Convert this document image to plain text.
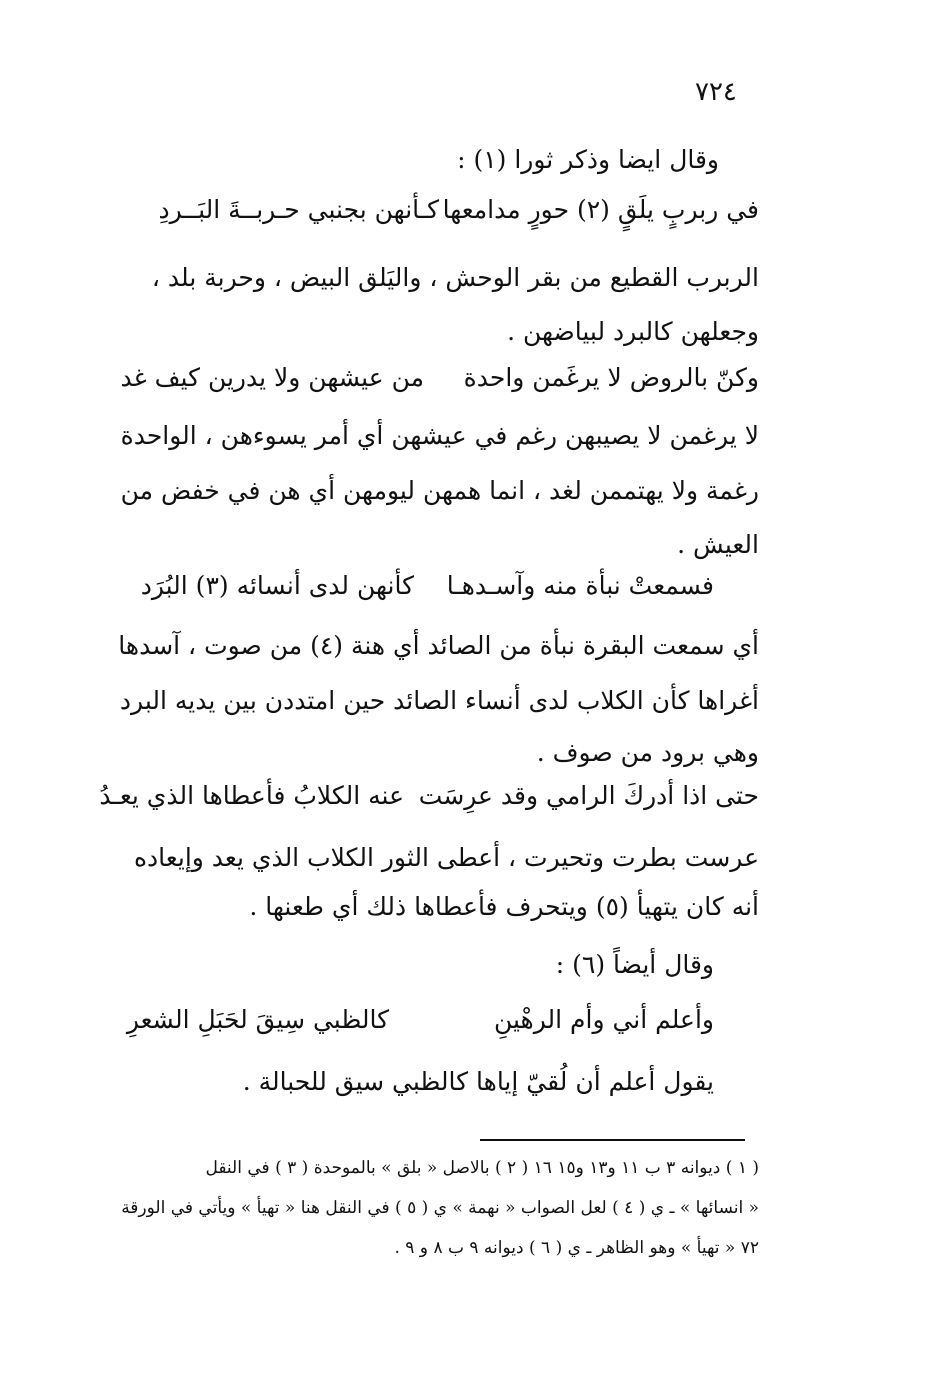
٧٢٤
وقال ايضا وذكر ثورا (١) :
في ربربٍ يلَقٍ (٢) حورٍ مدامعها
كـأنهن بجنبي حـربــةَ البَــردِ
الربرب القطيع من بقر الوحش ، واليَلق البيض ، وحربة بلد ،
وجعلهن كالبرد لبياضهن .
وكنّ بالروض لا يرغَمن واحدة
من عيشهن ولا يدرين كيف غد
لا يرغمن لا يصيبهن رغم في عيشهن أي أمر يسوءهن ، الواحدة
رغمة ولا يهتممن لغد ، انما همهن ليومهن أي هن في خفض من
العيش .
فسمعتْ نبأة منه وآسـدهـا
كأنهن لدى أنسائه (٣) البُرَد
أي سمعت البقرة نبأة من الصائد أي هنة (٤) من صوت ، آسدها
أغراها كأن الكلاب لدى أنساء الصائد حين امتددن بين يديه البرد
وهي برود من صوف .
حتى اذا أدركَ الرامي وقد عرِسَت
عنه الكلابُ فأعطاها الذي يعـدُ
عرست بطرت وتحيرت ، أعطى الثور الكلاب الذي يعد وإيعاده
أنه كان يتهيأ (٥) ويتحرف فأعطاها ذلك أي طعنها .
وقال أيضاً (٦) :
وأعلم أني وأم الرهْينِ
كالظبي سِيقَ لحَبَلِ الشعرِ
يقول أعلم أن لُقيّ إياها كالظبي سيق للحبالة .
( ١ ) ديوانه ٣ ب ١١ و١٣ و١٥ ١٦ ( ٢ ) بالاصل « بلق » بالموحدة ( ٣ ) في النقل
« انسائها » ـ ي ( ٤ ) لعل الصواب « نهمة » ي ( ٥ ) في النقل هنا « تهيأ » ويأتي في الورقة
٧٢ « تهيأ » وهو الظاهر ـ ي ( ٦ ) ديوانه ٩ ب ٨ و ٩ .
